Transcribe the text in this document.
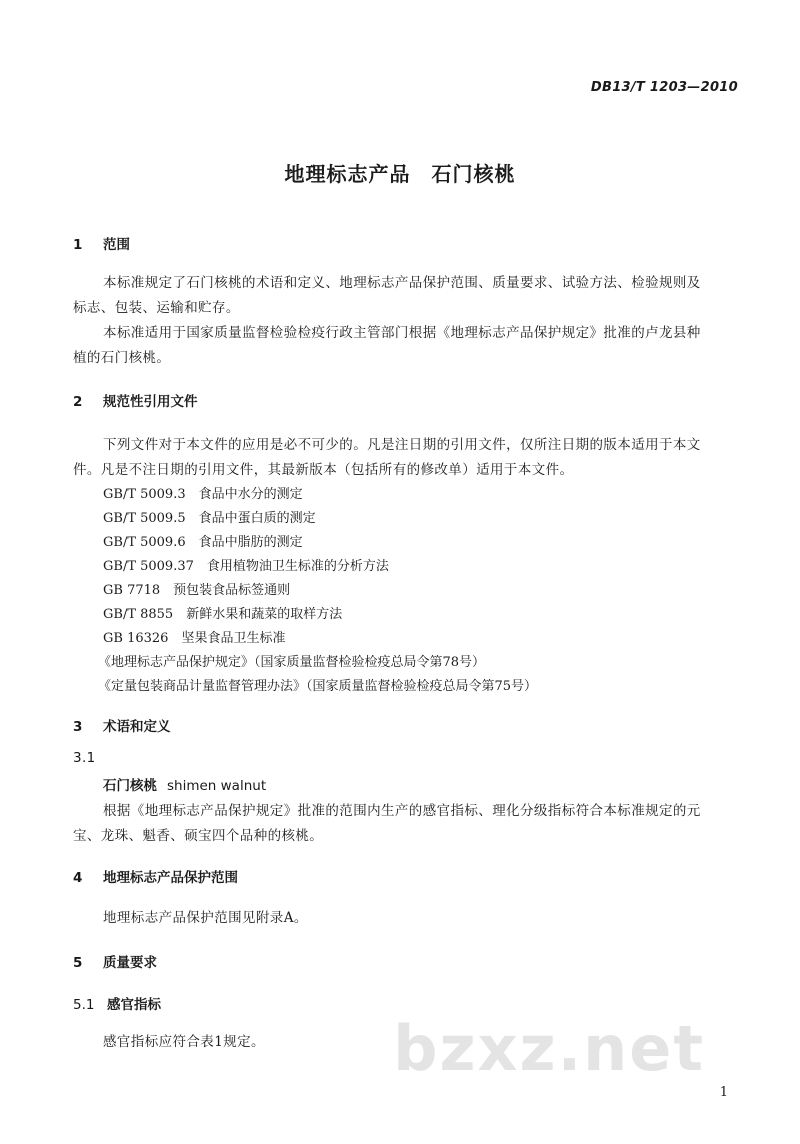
DB13/T 1203—2010
地理标志产品　石门核桃
1 范围
本标准规定了石门核桃的术语和定义、地理标志产品保护范围、质量要求、试验方法、检验规则及
标志、包装、运输和贮存。
本标准适用于国家质量监督检验检疫行政主管部门根据《地理标志产品保护规定》批准的卢龙县种
植的石门核桃。
2 规范性引用文件
下列文件对于本文件的应用是必不可少的。凡是注日期的引用文件，仅所注日期的版本适用于本文
件。凡是不注日期的引用文件，其最新版本（包括所有的修改单）适用于本文件。
GB/T 5009.3　 食品中水分的测定
GB/T 5009.5　 食品中蛋白质的测定
GB/T 5009.6　 食品中脂肪的测定
GB/T 5009.37　 食用植物油卫生标准的分析方法
GB 7718　 预包装食品标签通则
GB/T 8855　 新鲜水果和蔬菜的取样方法
GB 16326　 坚果食品卫生标准
《地理标志产品保护规定》（国家质量监督检验检疫总局令第78号）
《定量包装商品计量监督管理办法》（国家质量监督检验检疫总局令第75号）
3 术语和定义
3.1
石门核桃 shimen walnut
根据《地理标志产品保护规定》批准的范围内生产的感官指标、理化分级指标符合本标准规定的元
宝、龙珠、魁香、硕宝四个品种的核桃。
4 地理标志产品保护范围
地理标志产品保护范围见附录A。
5 质量要求
5.1 感官指标
感官指标应符合表1规定。 bzxz.net
1
